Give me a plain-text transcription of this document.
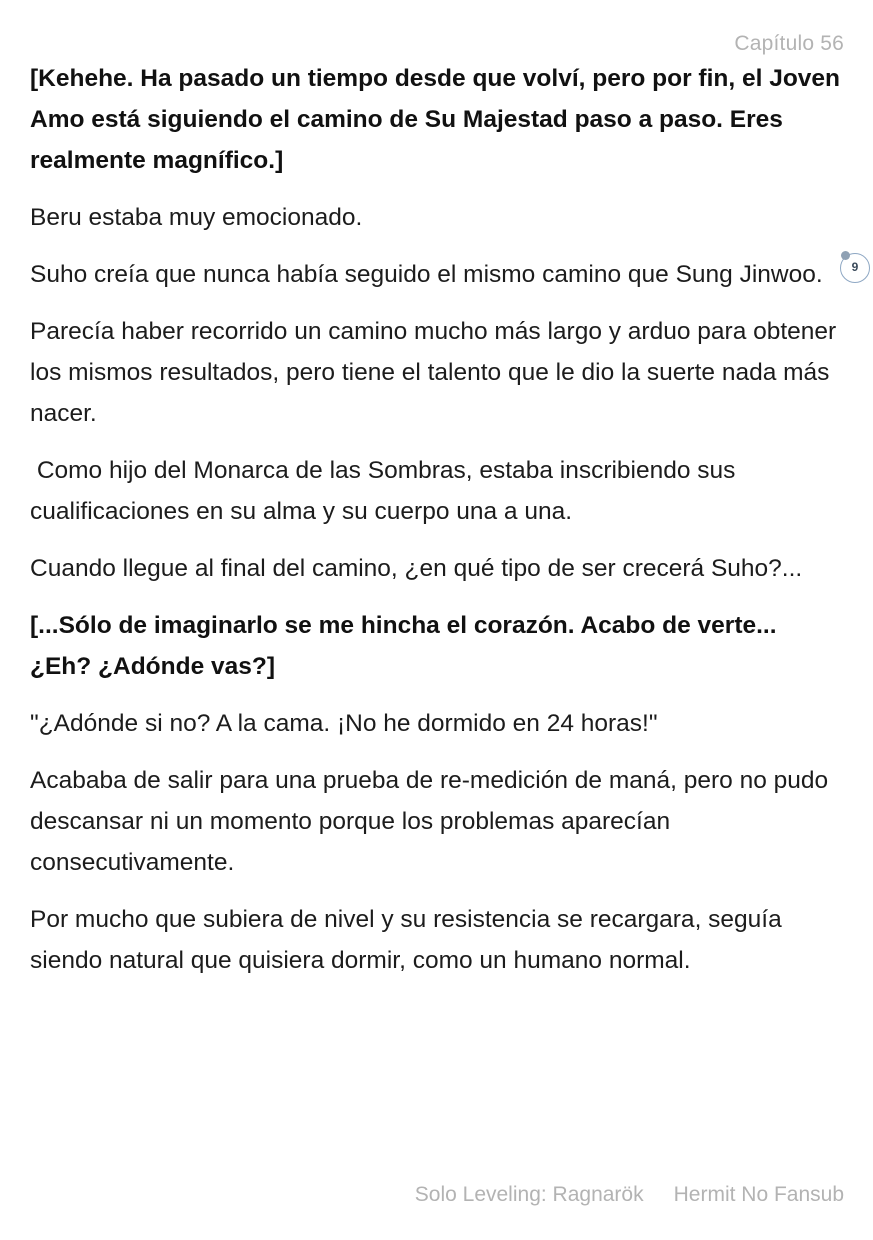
Capítulo 56

[Kehehe. Ha pasado un tiempo desde que volví, pero por fin, el Joven Amo está siguiendo el camino de Su Majestad paso a paso. Eres realmente magnífico.]

Beru estaba muy emocionado.

Suho creía que nunca había seguido el mismo camino que Sung Jinwoo.

Parecía haber recorrido un camino mucho más largo y arduo para obtener los mismos resultados, pero tiene el talento que le dio la suerte nada más nacer.

Como hijo del Monarca de las Sombras, estaba inscribiendo sus cualificaciones en su alma y su cuerpo una a una.

Cuando llegue al final del camino, ¿en qué tipo de ser crecerá Suho?...

[...Sólo de imaginarlo se me hincha el corazón. Acabo de verte... ¿Eh? ¿Adónde vas?]

"¿Adónde si no? A la cama. ¡No he dormido en 24 horas!"

Acababa de salir para una prueba de re-medición de maná, pero no pudo descansar ni un momento porque los problemas aparecían consecutivamente.

Por mucho que subiera de nivel y su resistencia se recargara, seguía siendo natural que quisiera dormir, como un humano normal.

9
Solo Leveling: Ragnarök Hermit No Fansub
